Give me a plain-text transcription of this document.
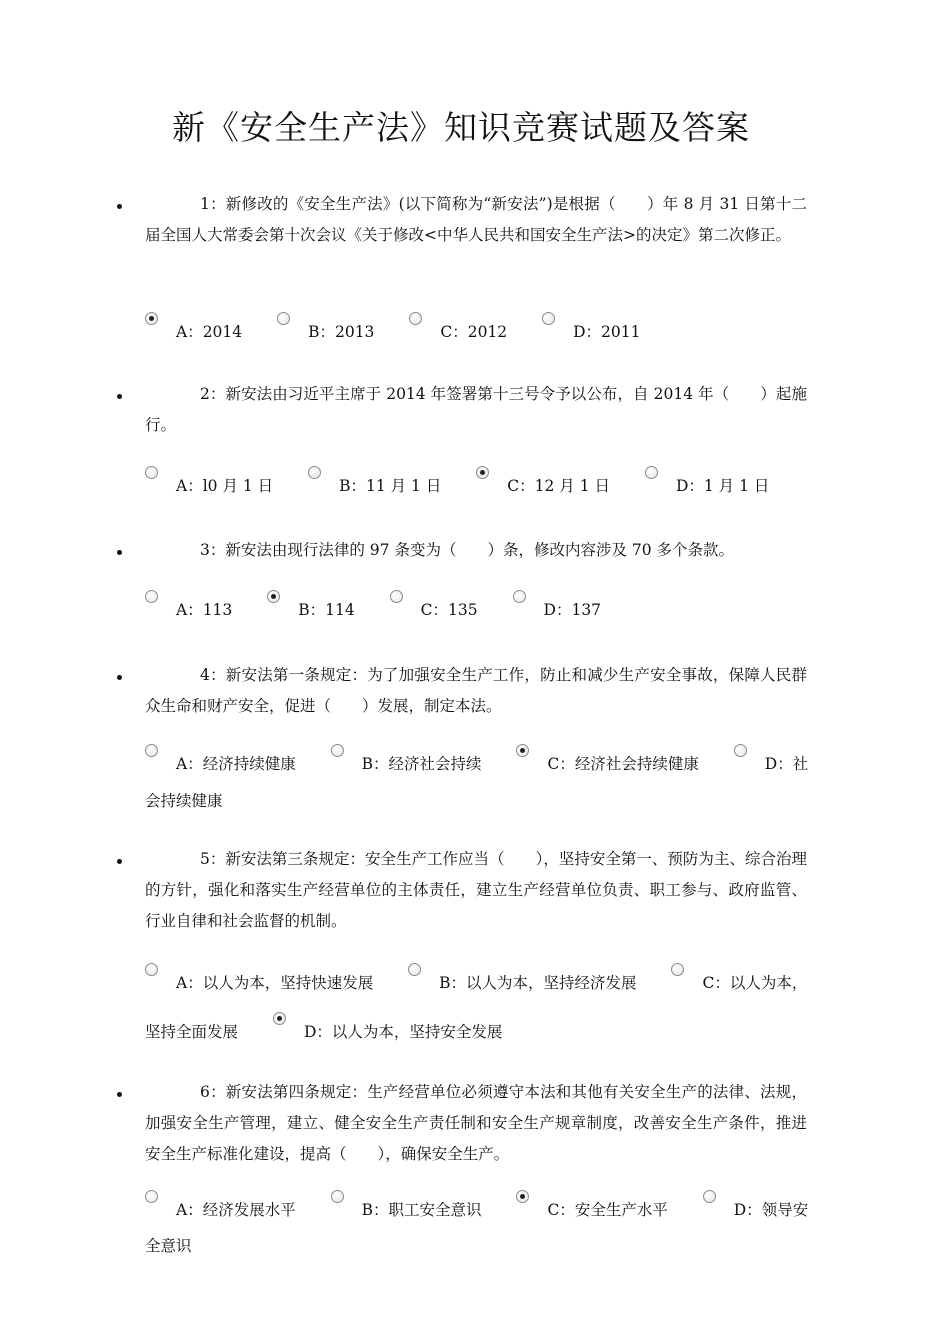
新《安全生产法》知识竞赛试题及答案
1：新修改的《安全生产法》(以下简称为“新安法”)是根据（　　）年 8 月 31 日第十二届全国人大常委会第十次会议《关于修改<中华人民共和国安全生产法>的决定》第二次修正。
A：2014	B：2013	C：2012	D：2011
2：新安法由习近平主席于 2014 年签署第十三号令予以公布，自 2014 年（　　）起施行。
A：l0 月 1 日	B：11 月 1 日	C：12 月 1 日	D：1 月 1 日
3：新安法由现行法律的 97 条变为（　　）条，修改内容涉及 70 多个条款。
A：113	B：114	C：135	D：137
4：新安法第一条规定：为了加强安全生产工作，防止和减少生产安全事故，保障人民群众生命和财产安全，促进（　　）发展，制定本法。
A：经济持续健康	B：经济社会持续	C：经济社会持续健康	D：社会持续健康
5：新安法第三条规定：安全生产工作应当（　　），坚持安全第一、预防为主、综合治理的方针，强化和落实生产经营单位的主体责任，建立生产经营单位负责、职工参与、政府监管、行业自律和社会监督的机制。
A：以人为本，坚持快速发展	B：以人为本，坚持经济发展	C：以人为本，坚持全面发展	D：以人为本，坚持安全发展
6：新安法第四条规定：生产经营单位必须遵守本法和其他有关安全生产的法律、法规，加强安全生产管理，建立、健全安全生产责任制和安全生产规章制度，改善安全生产条件，推进安全生产标准化建设，提高（　　），确保安全生产。
A：经济发展水平	B：职工安全意识	C：安全生产水平	D：领导安全意识
